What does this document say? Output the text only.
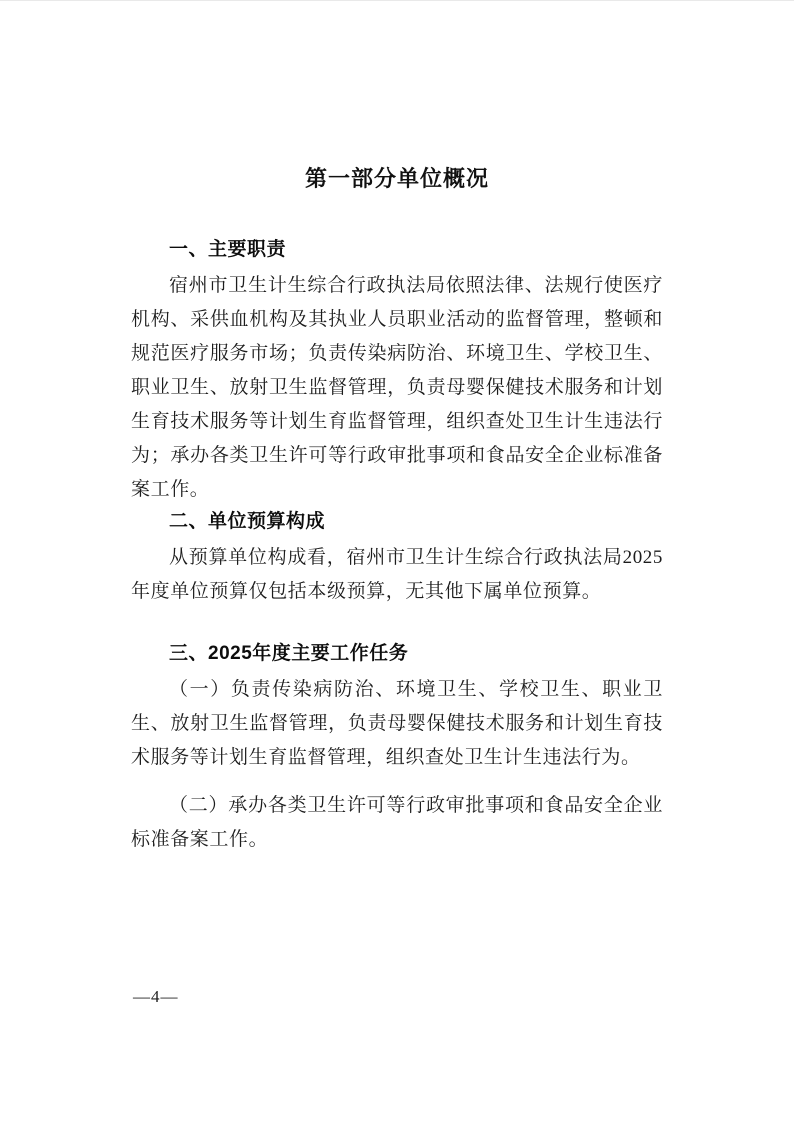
第一部分单位概况
一、主要职责

宿州市卫生计生综合行政执法局依照法律、法规行使医疗机构、采供血机构及其执业人员职业活动的监督管理，整顿和规范医疗服务市场；负责传染病防治、环境卫生、学校卫生、职业卫生、放射卫生监督管理，负责母婴保健技术服务和计划生育技术服务等计划生育监督管理，组织查处卫生计生违法行为；承办各类卫生许可等行政审批事项和食品安全企业标准备案工作。

二、单位预算构成

从预算单位构成看，宿州市卫生计生综合行政执法局2025年度单位预算仅包括本级预算，无其他下属单位预算。

三、2025年度主要工作任务

（一）负责传染病防治、环境卫生、学校卫生、职业卫生、放射卫生监督管理，负责母婴保健技术服务和计划生育技术服务等计划生育监督管理，组织查处卫生计生违法行为。

（二）承办各类卫生许可等行政审批事项和食品安全企业标准备案工作。

—4—
